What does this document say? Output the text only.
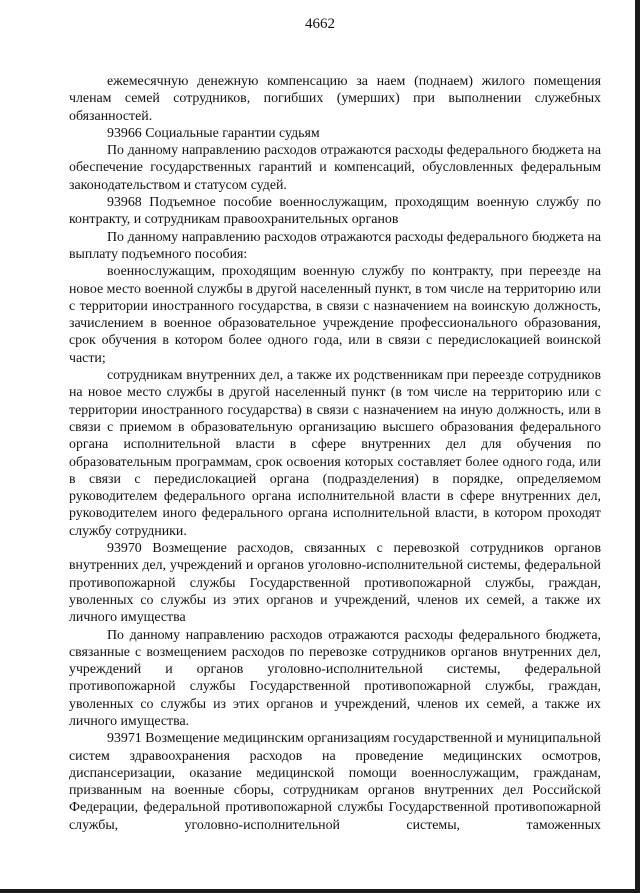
4662

ежемесячную денежную компенсацию за наем (поднаем) жилого помещения членам семей сотрудников, погибших (умерших) при выполнении служебных обязанностей.

93966 Социальные гарантии судьям

По данному направлению расходов отражаются расходы федерального бюджета на обеспечение государственных гарантий и компенсаций, обусловленных федеральным законодательством и статусом судей.

93968 Подъемное пособие военнослужащим, проходящим военную службу по контракту, и сотрудникам правоохранительных органов

По данному направлению расходов отражаются расходы федерального бюджета на выплату подъемного пособия:

военнослужащим, проходящим военную службу по контракту, при переезде на новое место военной службы в другой населенный пункт, в том числе на территорию или с территории иностранного государства, в связи с назначением на воинскую должность, зачислением в военное образовательное учреждение профессионального образования, срок обучения в котором более одного года, или в связи с передислокацией воинской части;

сотрудникам внутренних дел, а также их родственникам при переезде сотрудников на новое место службы в другой населенный пункт (в том числе на территорию или с территории иностранного государства) в связи с назначением на иную должность, или в связи с приемом в образовательную организацию высшего образования федерального органа исполнительной власти в сфере внутренних дел для обучения по образовательным программам, срок освоения которых составляет более одного года, или в связи с передислокацией органа (подразделения) в порядке, определяемом руководителем федерального органа исполнительной власти в сфере внутренних дел, руководителем иного федерального органа исполнительной власти, в котором проходят службу сотрудники.

93970 Возмещение расходов, связанных с перевозкой сотрудников органов внутренних дел, учреждений и органов уголовно-исполнительной системы, федеральной противопожарной службы Государственной противопожарной службы, граждан, уволенных со службы из этих органов и учреждений, членов их семей, а также их личного имущества

По данному направлению расходов отражаются расходы федерального бюджета, связанные с возмещением расходов по перевозке сотрудников органов внутренних дел, учреждений и органов уголовно-исполнительной системы, федеральной противопожарной службы Государственной противопожарной службы, граждан, уволенных со службы из этих органов и учреждений, членов их семей, а также их личного имущества.

93971 Возмещение медицинским организациям государственной и муниципальной систем здравоохранения расходов на проведение медицинских осмотров, диспансеризации, оказание медицинской помощи военнослужащим, гражданам, призванным на военные сборы, сотрудникам органов внутренних дел Российской Федерации, федеральной противопожарной службы Государственной противопожарной службы, уголовно-исполнительной системы, таможенных
